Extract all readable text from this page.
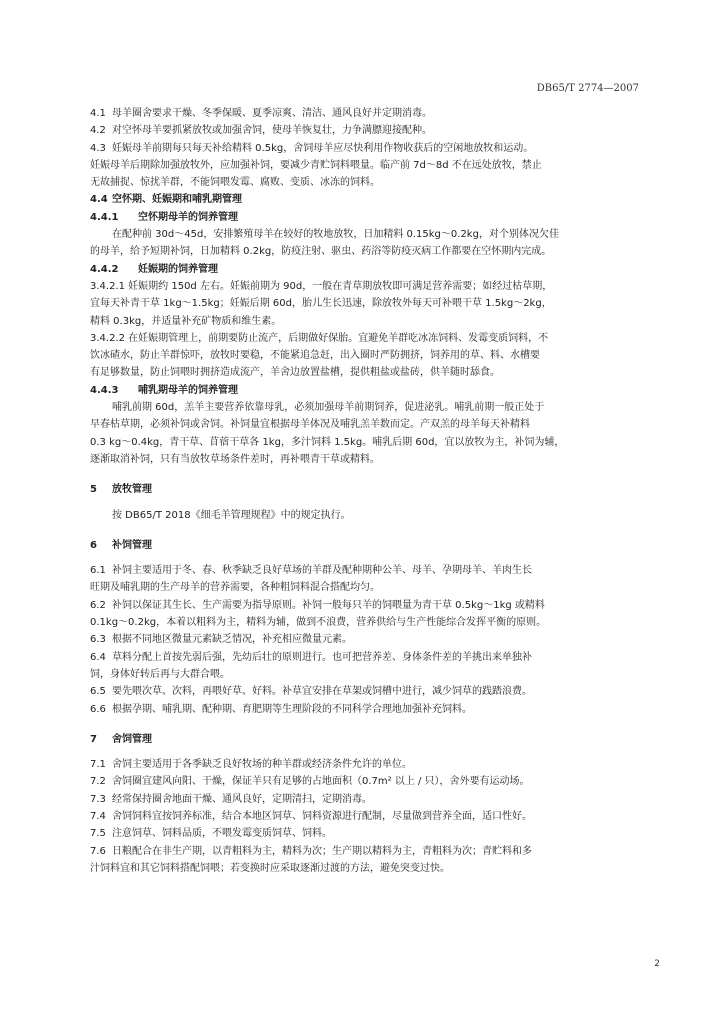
DB65/T 2774—2007
4.1 母羊圈舍要求干燥、冬季保暖、夏季凉爽、清洁、通风良好并定期消毒。
4.2 对空怀母羊要抓紧放牧或加强舍饲，使母羊恢复壮，力争满膘迎接配种。
4.3 妊娠母羊前期每只每天补给精料 0.5kg，舍饲母羊应尽快利用作物收获后的空闲地放牧和运动。
妊娠母羊后期除加强放牧外，应加强补饲，要减少青贮饲料喂量。临产前 7d～8d 不在远处放牧，禁止
无故捕捉、惊扰羊群，不能饲喂发霉、腐败、变质、冰冻的饲料。
4.4 空怀期、妊娠期和哺乳期管理
4.4.1 空怀期母羊的饲养管理
在配种前 30d～45d，安排繁殖母羊在较好的牧地放牧，日加精料 0.15kg～0.2kg，对个别体况欠佳
的母羊，给予短期补饲，日加精料 0.2kg，防疫注射、驱虫、药浴等防疫灭病工作都要在空怀期内完成。
4.4.2 妊娠期的饲养管理
3.4.2.1 妊娠期约 150d 左右。妊娠前期为 90d，一般在青草期放牧即可满足营养需要；如经过枯草期，
宜每天补青干草 1kg～1.5kg；妊娠后期 60d，胎儿生长迅速，除放牧外每天可补喂干草 1.5kg～2kg，
精料 0.3kg，并适量补充矿物质和维生素。
3.4.2.2 在妊娠期管理上，前期要防止流产，后期做好保胎。宜避免羊群吃冰冻饲料、发霉变质饲料，不
饮冰碴水，防止羊群惊吓，放牧时要稳，不能紧追急赶，出入圈时严防拥挤，饲养用的草、料、水槽要
有足够数量，防止饲喂时拥挤造成流产，羊舍边放置盐槽，提供粗盐或盐砖，供羊随时舔食。
4.4.3 哺乳期母羊的饲养管理
哺乳前期 60d，羔羊主要营养依靠母乳，必须加强母羊前期饲养，促进泌乳。哺乳前期一般正处于
早春枯草期，必须补饲或舍饲。补饲量宜根据母羊体况及哺乳羔羊数而定。产双羔的母羊每天补精料
0.3 kg～0.4kg，青干草、苜蓿干草各 1kg，多汁饲料 1.5kg。哺乳后期 60d，宜以放牧为主，补饲为辅，
逐渐取消补饲，只有当放牧草场条件差时，再补喂青干草或精料。
5 放牧管理
按 DB65/T 2018《细毛羊管理规程》中的规定执行。
6 补饲管理
6.1 补饲主要适用于冬、春、秋季缺乏良好草场的羊群及配种期种公羊、母羊、孕期母羊、羊肉生长
旺期及哺乳期的生产母羊的营养需要，各种粗饲料混合搭配均匀。
6.2 补饲以保证其生长、生产需要为指导原则。补饲一般每只羊的饲喂量为青干草 0.5kg～1kg 或精料
0.1kg～0.2kg，本着以粗料为主，精料为辅，做到不浪费，营养供给与生产性能综合发挥平衡的原则。
6.3 根据不同地区微量元素缺乏情况，补充相应微量元素。
6.4 草料分配上首按先弱后强，先幼后壮的原则进行。也可把营养差、身体条件差的羊挑出来单独补
饲，身体好转后再与大群合喂。
6.5 要先喂次草、次料，再喂好草、好料。补草宜安排在草架或饲槽中进行，减少饲草的践踏浪费。
6.6 根据孕期、哺乳期、配种期、育肥期等生理阶段的不同科学合理地加强补充饲料。
7 舍饲管理
7.1 舍饲主要适用于各季缺乏良好牧场的种羊群或经济条件允许的单位。
7.2 舍饲圈宜建风向阳、干燥，保证羊只有足够的占地面积（0.7m² 以上 / 只），舍外要有运动场。
7.3 经常保持圈舍地面干燥、通风良好，定期清扫，定期消毒。
7.4 舍饲饲料宜按饲养标准，结合本地区饲草、饲料资源进行配制，尽量做到营养全面，适口性好。
7.5 注意饲草、饲料品质，不喂发霉变质饲草、饲料。
7.6 日粮配合在非生产期，以青粗料为主，精料为次；生产期以精料为主，青粗料为次；青贮料和多
汁饲料宜和其它饲料搭配饲喂；若变换时应采取逐渐过渡的方法，避免突变过快。
2
